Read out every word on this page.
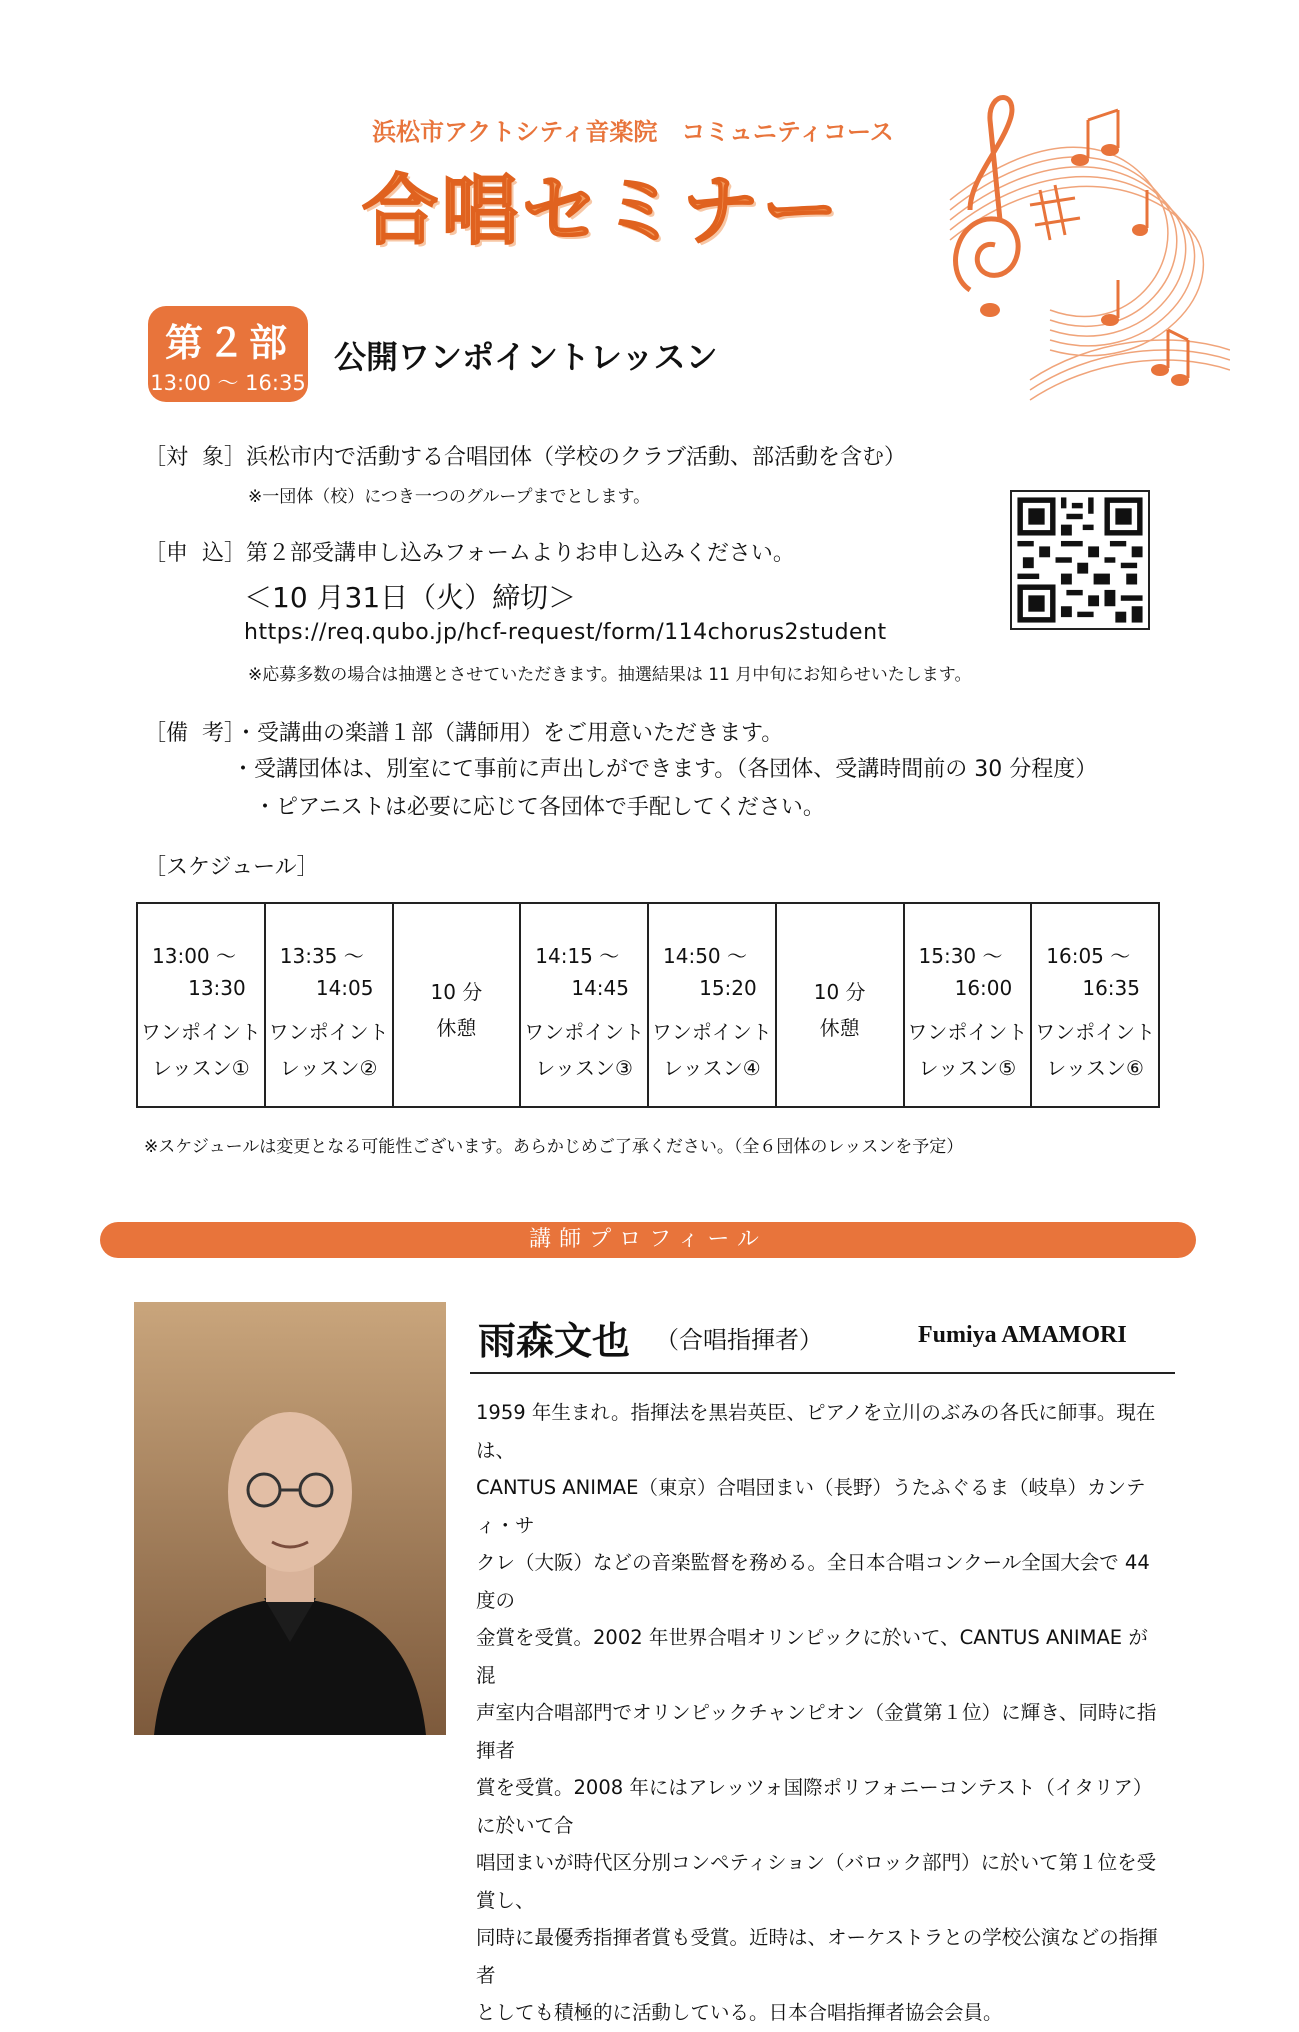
浜松市アクトシティ音楽院　コミュニティコース
合唱セミナー
第２部
13:00 ～ 16:35
公開ワンポイントレッスン
［対  象］浜松市内で活動する合唱団体（学校のクラブ活動、部活動を含む）
※一団体（校）につき一つのグループまでとします。
［申  込］第２部受講申し込みフォームよりお申し込みください。
＜10 月31日（火）締切＞
https://req.qubo.jp/hcf-request/form/114chorus2student
※応募多数の場合は抽選とさせていただきます。抽選結果は 11 月中旬にお知らせいたします。
［備  考］・受講曲の楽譜１部（講師用）をご用意いただきます。
・受講団体は、別室にて事前に声出しができます。（各団体、受講時間前の 30 分程度）
・ピアニストは必要に応じて各団体で手配してください。
［スケジュール］
13:00 ～
13:30
ワンポイント
レッスン①
13:35 ～
14:05
ワンポイント
レッスン②
10 分
休憩
14:15 ～
14:45
ワンポイント
レッスン③
14:50 ～
15:20
ワンポイント
レッスン④
10 分
休憩
15:30 ～
16:00
ワンポイント
レッスン⑤
16:05 ～
16:35
ワンポイント
レッスン⑥
※スケジュールは変更となる可能性ございます。あらかじめご了承ください。（全６団体のレッスンを予定）
講師プロフィール
雨森文也 （合唱指揮者）	Fumiya AMAMORI
1959 年生まれ。指揮法を黒岩英臣、ピアノを立川のぶみの各氏に師事。現在は、
CANTUS ANIMAE（東京）合唱団まい（長野）うたふぐるま（岐阜）カンティ・サ
クレ（大阪）などの音楽監督を務める。全日本合唱コンクール全国大会で 44 度の
金賞を受賞。2002 年世界合唱オリンピックに於いて、CANTUS ANIMAE が混
声室内合唱部門でオリンピックチャンピオン（金賞第１位）に輝き、同時に指揮者
賞を受賞。2008 年にはアレッツォ国際ポリフォニーコンテスト（イタリア）に於いて合
唱団まいが時代区分別コンペティション（バロック部門）に於いて第１位を受賞し、
同時に最優秀指揮者賞も受賞。近時は、オーケストラとの学校公演などの指揮者
としても積極的に活動している。日本合唱指揮者協会会員。
